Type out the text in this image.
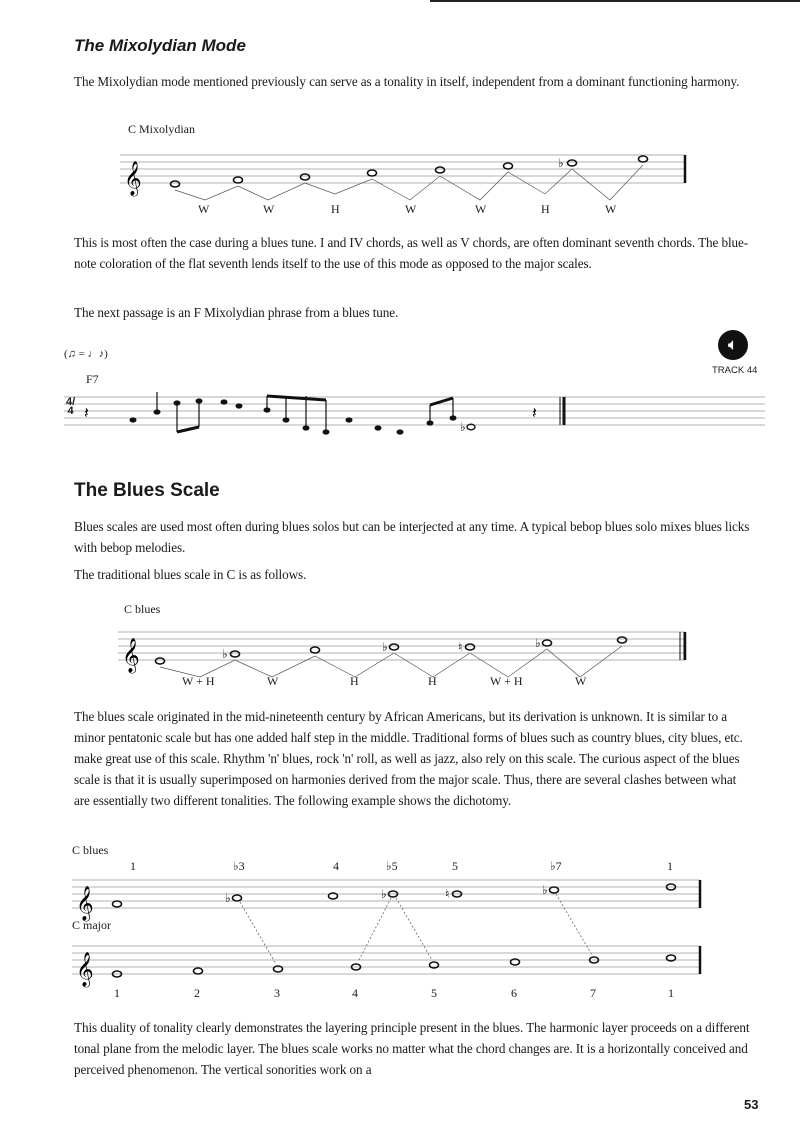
The Mixolydian Mode
The Mixolydian mode mentioned previously can serve as a tonality in itself, independent from a dominant functioning harmony.
C Mixolydian
𝄞
𝄞
𝄞
𝄞
♭
♭
𝄽	𝄽
♭	♭	♮	♭
♭	♭	♮	♭
W	W	H	W	W	H	W
This is most often the case during a blues tune. I and IV chords, as well as V chords, are often dominant seventh chords. The blue-note coloration of the flat seventh lends itself to the use of this mode as opposed to the major scales.
The next passage is an F Mixolydian phrase from a blues tune.
(♫ = ♩♪)
F7
4/4
🔈︎
TRACK 44
The Blues Scale
Blues scales are used most often during blues solos but can be interjected at any time. A typical bebop blues solo mixes blues licks with bebop melodies.
The traditional blues scale in C is as follows.
C blues
W + H	W	H	H	W + H	W
The blues scale originated in the mid-nineteenth century by African Americans, but its derivation is unknown. It is similar to a minor pentatonic scale but has one added half step in the middle. Traditional forms of blues such as country blues, city blues, etc. make great use of this scale. Rhythm 'n' blues, rock 'n' roll, as well as jazz, also rely on this scale. The curious aspect of the blues scale is that it is usually superimposed on harmonies derived from the major scale. Thus, there are several clashes between what are essentially two different tonalities. The following example shows the dichotomy.
C blues
1	♭3	4	♭5	5	♭7	1
C major
1	2	3	4	5	6	7	1
This duality of tonality clearly demonstrates the layering principle present in the blues. The harmonic layer proceeds on a different tonal plane from the melodic layer. The blues scale works no matter what the chord changes are. It is a horizontally conceived and perceived phenomenon. The vertical sonorities work on a
53
